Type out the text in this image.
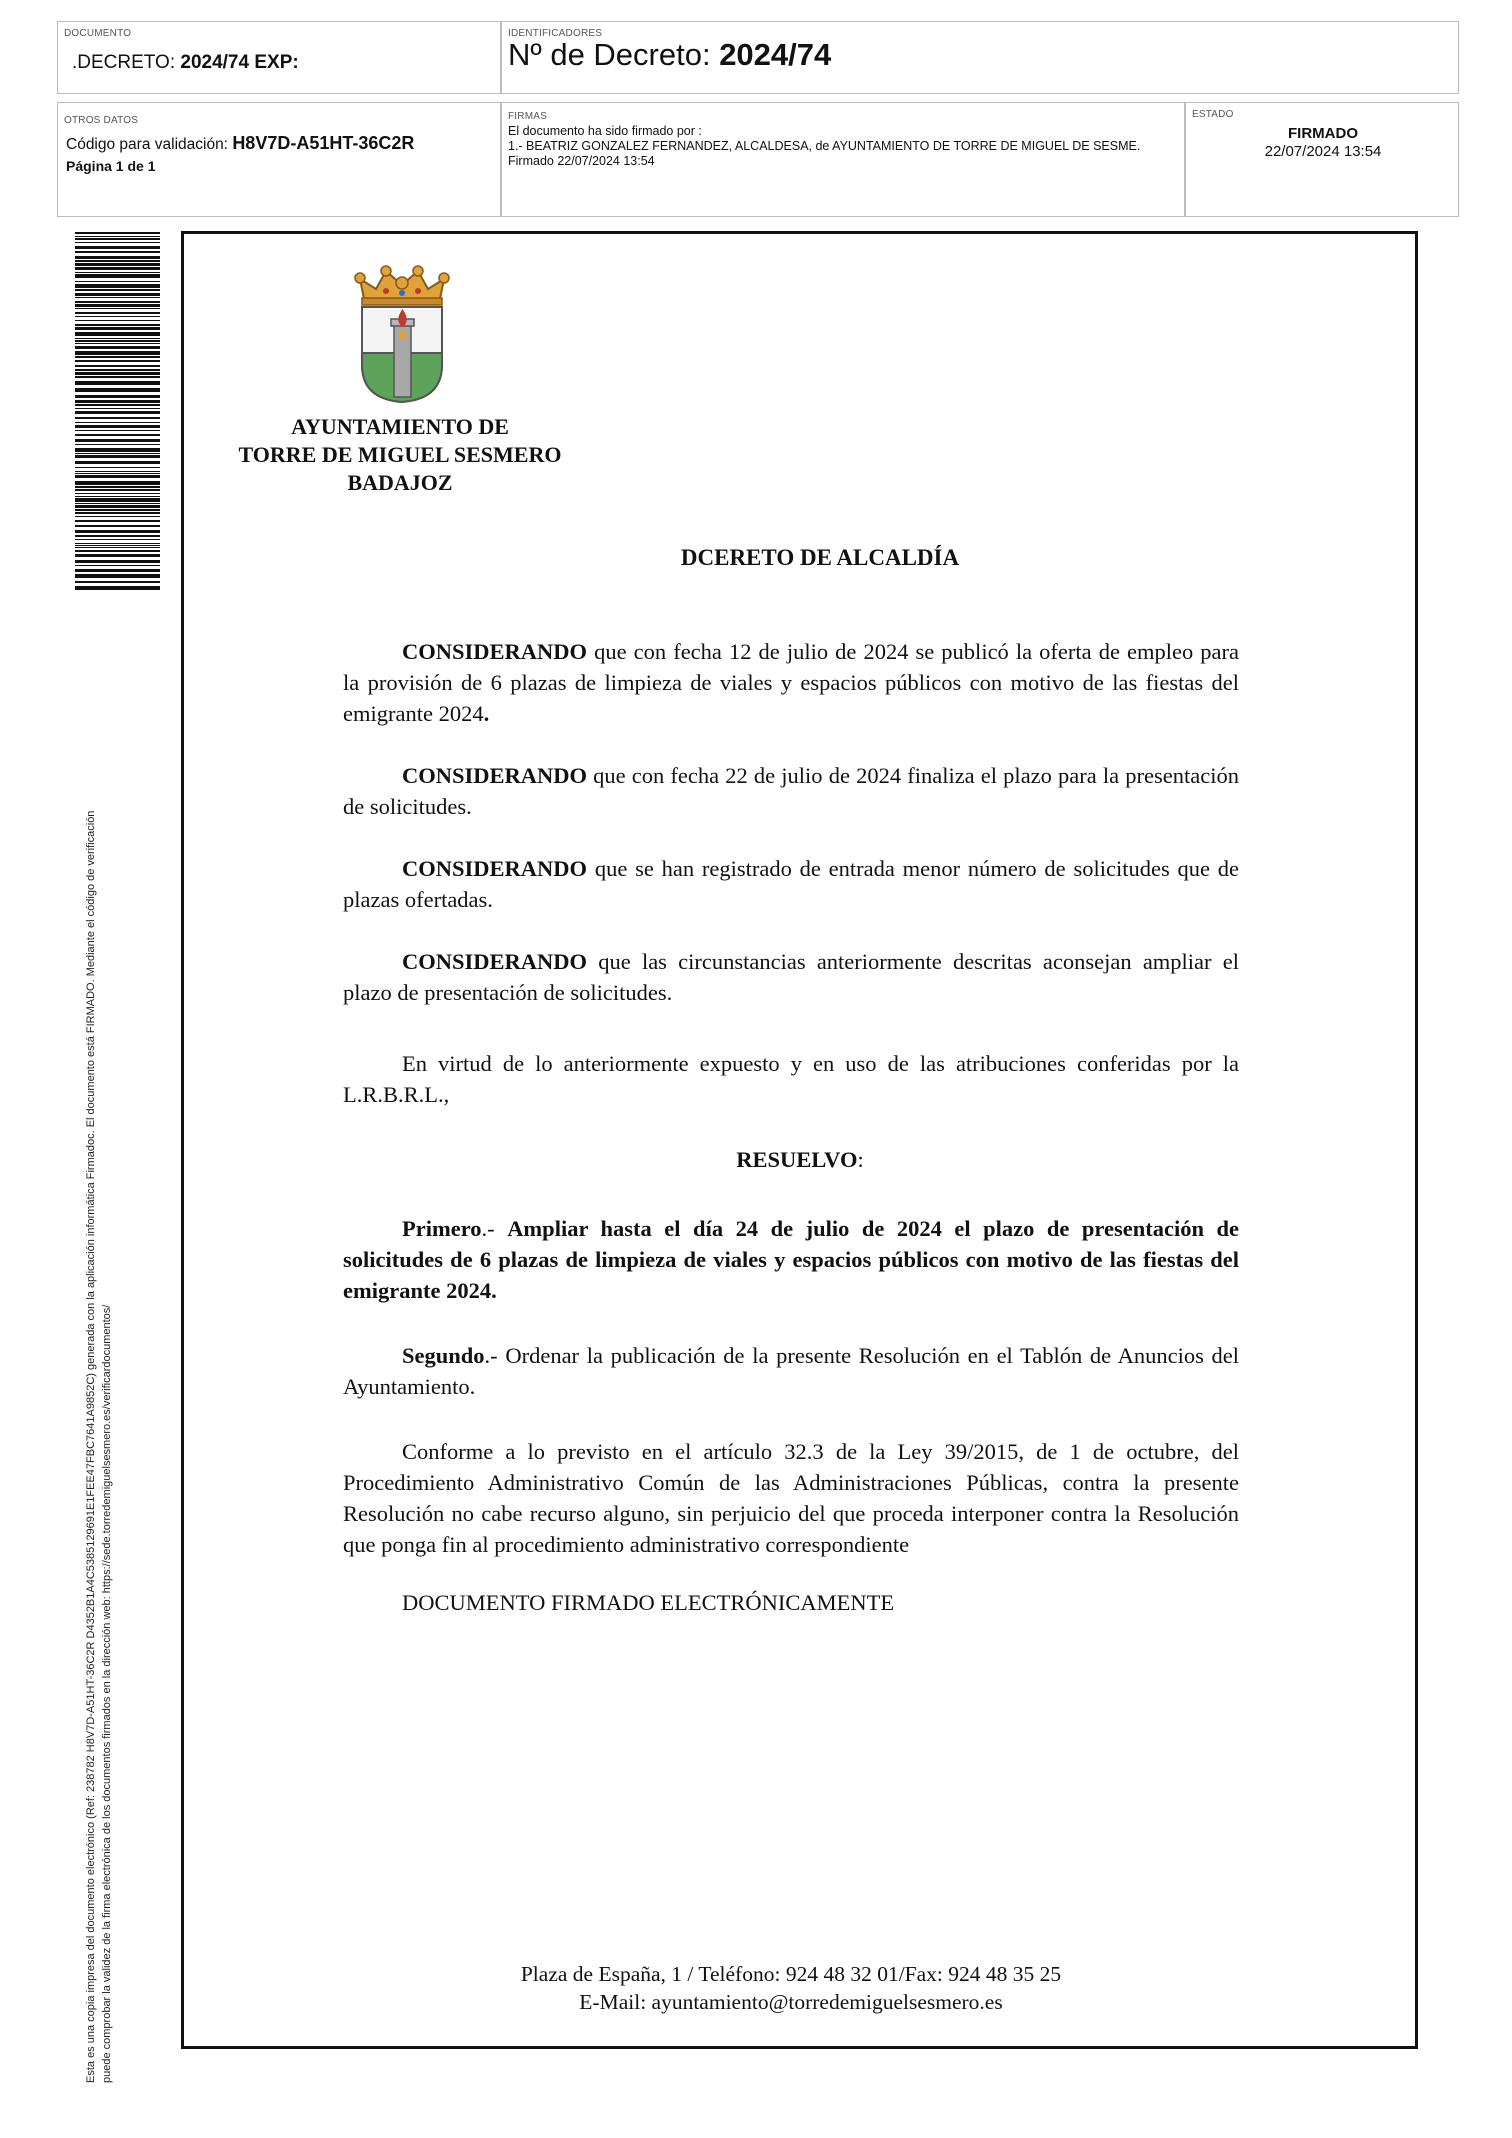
DOCUMENTO
.DECRETO: 2024/74 EXP:
IDENTIFICADORES
Nº de Decreto: 2024/74
OTROS DATOS
Código para validación: H8V7D-A51HT-36C2R
Página 1 de 1
FIRMAS
El documento ha sido firmado por :
1.- BEATRIZ GONZALEZ FERNANDEZ, ALCALDESA, de AYUNTAMIENTO DE TORRE DE MIGUEL DE SESME.
Firmado 22/07/2024 13:54
ESTADO
FIRMADO
22/07/2024 13:54
Esta es una copia impresa del documento electrónico (Ref: 238782 H8V7D-A51HT-36C2R D4352B1A4C5385129691E1FEE47FBC7641A9852C) generada con la aplicación informática Firmadoc. El documento está FIRMADO. Mediante el código de verificación puede comprobar la validez de la firma electrónica de los documentos firmados en la dirección web: https://sede.torredemiguelsesmero.es/verificardocumentos/
AYUNTAMIENTO DE
TORRE DE MIGUEL SESMERO
BADAJOZ
DCERETO DE ALCALDÍA

CONSIDERANDO que con fecha 12 de julio de 2024 se publicó la oferta de empleo para la provisión de 6 plazas de limpieza de viales y espacios públicos con motivo de las fiestas del emigrante 2024.

CONSIDERANDO que con fecha 22 de julio de 2024 finaliza el plazo para la presentación de solicitudes.

CONSIDERANDO que se han registrado de entrada menor número de solicitudes que de plazas ofertadas.

CONSIDERANDO que las circunstancias anteriormente descritas aconsejan ampliar el plazo de presentación de solicitudes.

En virtud de lo anteriormente expuesto y en uso de las atribuciones conferidas por la L.R.B.R.L.,

RESUELVO:

Primero.- Ampliar hasta el día 24 de julio de 2024 el plazo de presentación de solicitudes de 6 plazas de limpieza de viales y espacios públicos con motivo de las fiestas del emigrante 2024.

Segundo.- Ordenar la publicación de la presente Resolución en el Tablón de Anuncios del Ayuntamiento.

Conforme a lo previsto en el artículo 32.3 de la Ley 39/2015, de 1 de octubre, del Procedimiento Administrativo Común de las Administraciones Públicas, contra la presente Resolución no cabe recurso alguno, sin perjuicio del que proceda interponer contra la Resolución que ponga fin al procedimiento administrativo correspondiente

DOCUMENTO FIRMADO ELECTRÓNICAMENTE

Plaza de España, 1 / Teléfono: 924 48 32 01/Fax: 924 48 35 25
E-Mail: ayuntamiento@torredemiguelsesmero.es
